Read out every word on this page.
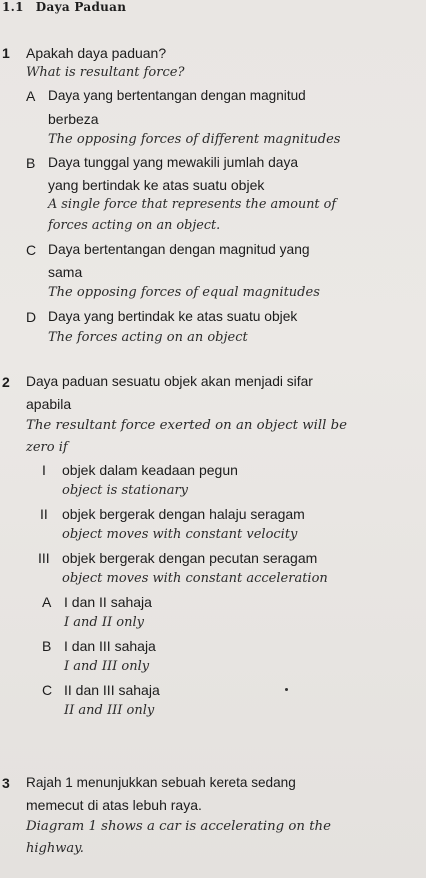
1.1 Daya Paduan
1 Apakah daya paduan?
What is resultant force?
A Daya yang bertentangan dengan magnitud
berbeza
The opposing forces of different magnitudes
B Daya tunggal yang mewakili jumlah daya
yang bertindak ke atas suatu objek
A single force that represents the amount of
forces acting on an object.
C Daya bertentangan dengan magnitud yang
sama
The opposing forces of equal magnitudes
D Daya yang bertindak ke atas suatu objek
The forces acting on an object
2 Daya paduan sesuatu objek akan menjadi sifar
apabila
The resultant force exerted on an object will be
zero if
I objek dalam keadaan pegun
object is stationary
II objek bergerak dengan halaju seragam
object moves with constant velocity
III objek bergerak dengan pecutan seragam
object moves with constant acceleration
A I dan II sahaja
I and II only
B I dan III sahaja
I and III only
C II dan III sahaja
II and III only
3 Rajah 1 menunjukkan sebuah kereta sedang
memecut di atas lebuh raya.
Diagram 1 shows a car is accelerating on the
highway.
